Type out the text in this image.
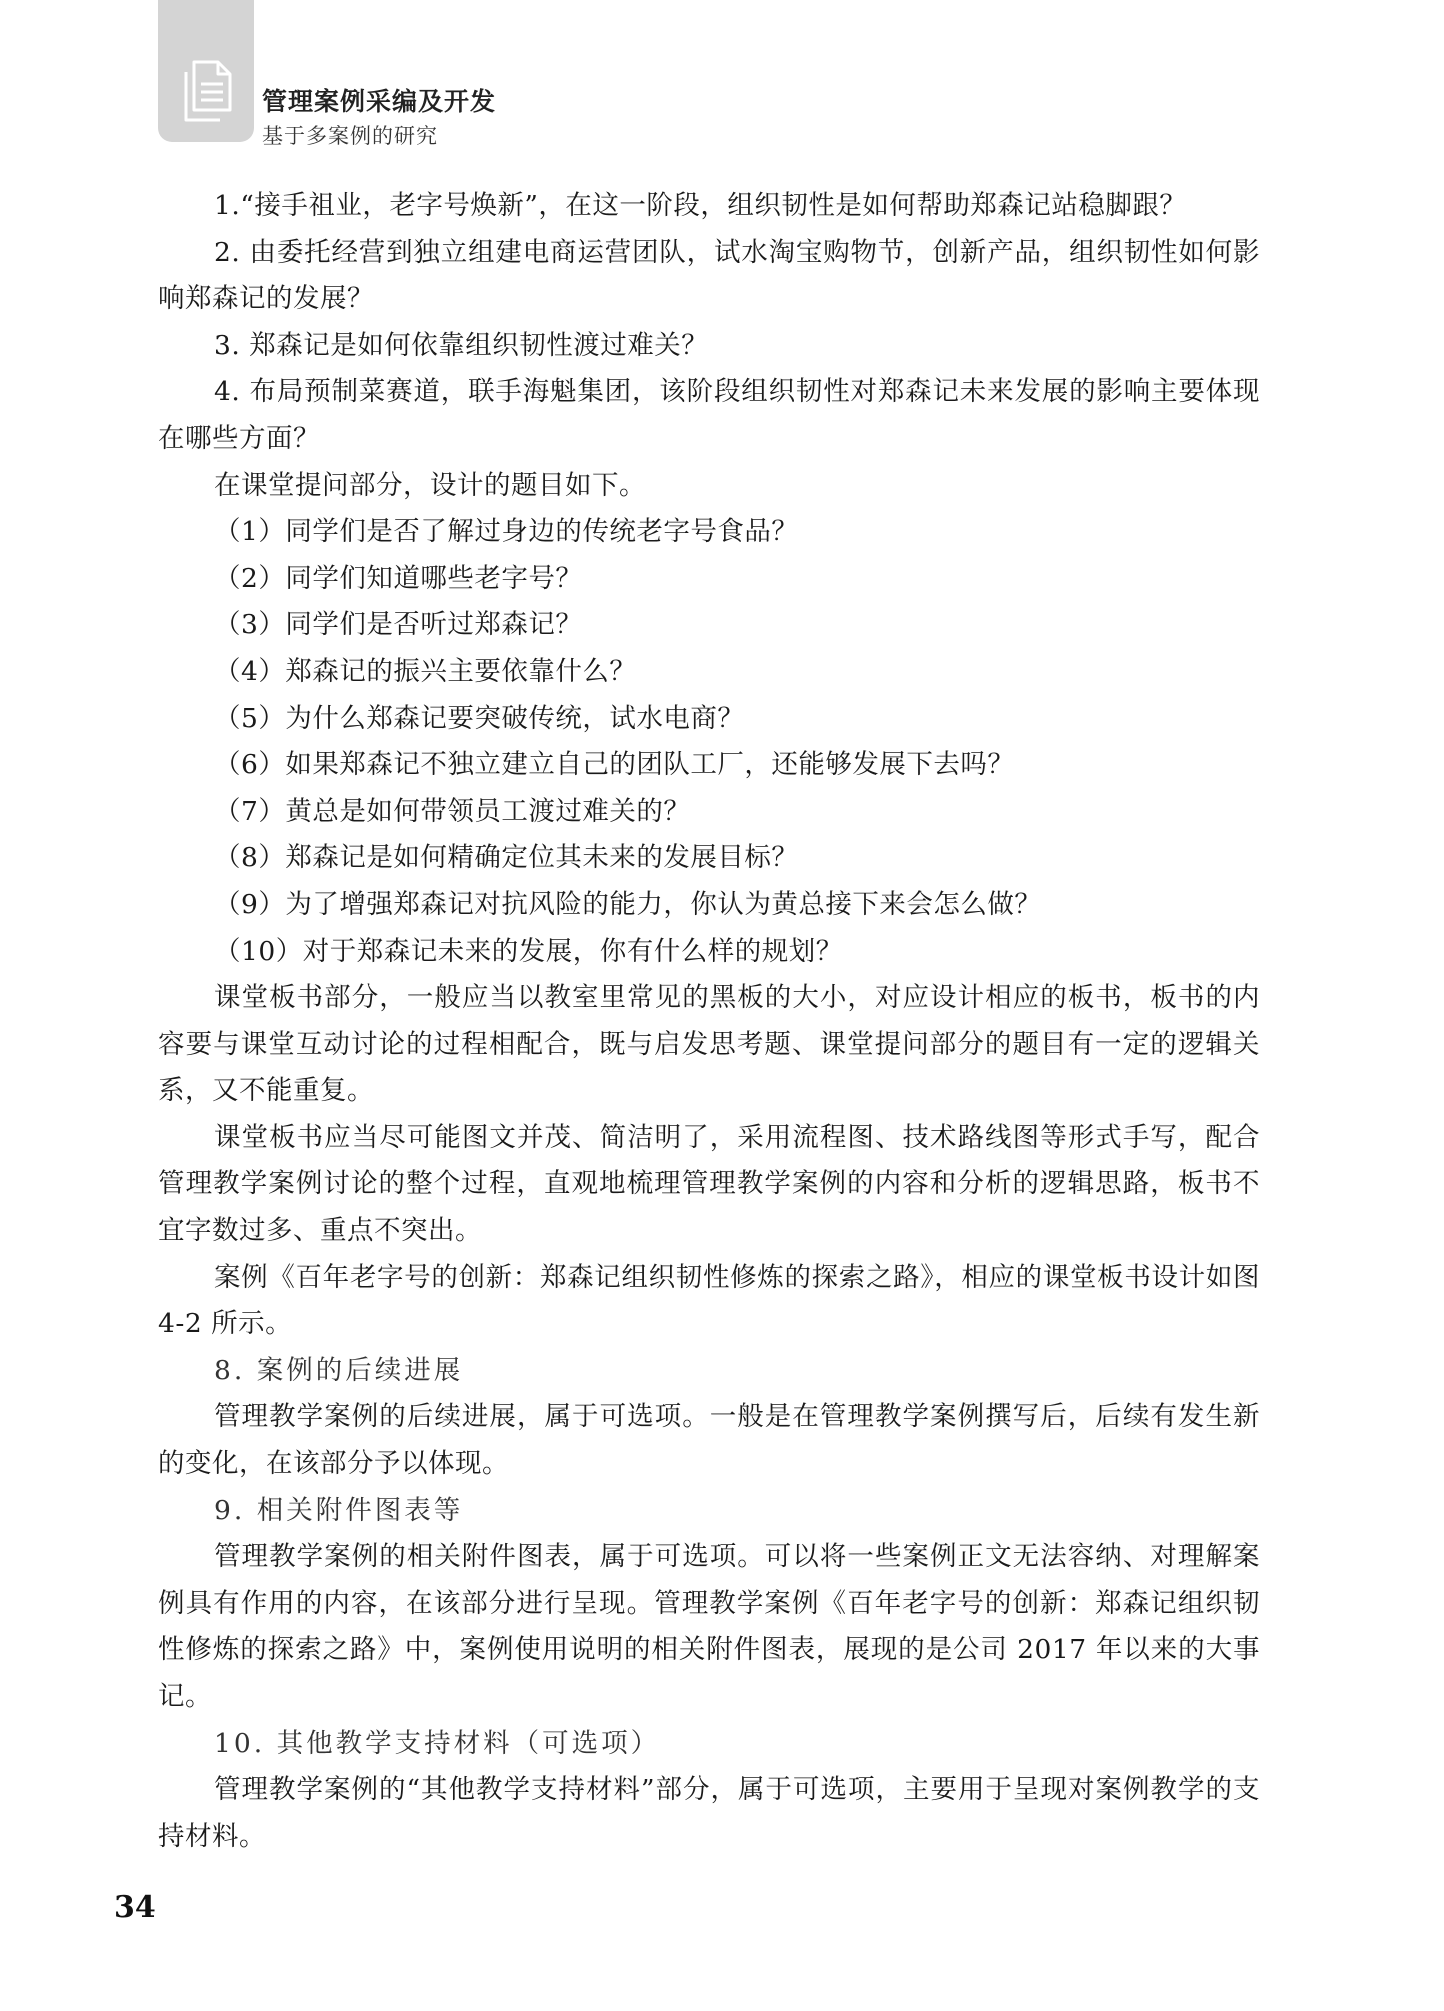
管理案例采编及开发
基于多案例的研究

1.“接手祖业，老字号焕新”，在这一阶段，组织韧性是如何帮助郑森记站稳脚跟？

2. 由委托经营到独立组建电商运营团队，试水淘宝购物节，创新产品，组织韧性如何影响郑森记的发展？

3. 郑森记是如何依靠组织韧性渡过难关？

4. 布局预制菜赛道，联手海魁集团，该阶段组织韧性对郑森记未来发展的影响主要体现在哪些方面？

在课堂提问部分，设计的题目如下。

（1）同学们是否了解过身边的传统老字号食品？

（2）同学们知道哪些老字号？

（3）同学们是否听过郑森记？

（4）郑森记的振兴主要依靠什么？

（5）为什么郑森记要突破传统，试水电商？

（6）如果郑森记不独立建立自己的团队工厂，还能够发展下去吗？

（7）黄总是如何带领员工渡过难关的？

（8）郑森记是如何精确定位其未来的发展目标？

（9）为了增强郑森记对抗风险的能力，你认为黄总接下来会怎么做？

（10）对于郑森记未来的发展，你有什么样的规划？

课堂板书部分，一般应当以教室里常见的黑板的大小，对应设计相应的板书，板书的内容要与课堂互动讨论的过程相配合，既与启发思考题、课堂提问部分的题目有一定的逻辑关系，又不能重复。

课堂板书应当尽可能图文并茂、简洁明了，采用流程图、技术路线图等形式手写，配合管理教学案例讨论的整个过程，直观地梳理管理教学案例的内容和分析的逻辑思路，板书不宜字数过多、重点不突出。

案例《百年老字号的创新：郑森记组织韧性修炼的探索之路》，相应的课堂板书设计如图 4-2 所示。

8. 案例的后续进展

管理教学案例的后续进展，属于可选项。一般是在管理教学案例撰写后，后续有发生新的变化，在该部分予以体现。

9. 相关附件图表等

管理教学案例的相关附件图表，属于可选项。可以将一些案例正文无法容纳、对理解案例具有作用的内容，在该部分进行呈现。管理教学案例《百年老字号的创新：郑森记组织韧性修炼的探索之路》中，案例使用说明的相关附件图表，展现的是公司 2017 年以来的大事记。

10. 其他教学支持材料（可选项）

管理教学案例的“其他教学支持材料”部分，属于可选项，主要用于呈现对案例教学的支持材料。

34
